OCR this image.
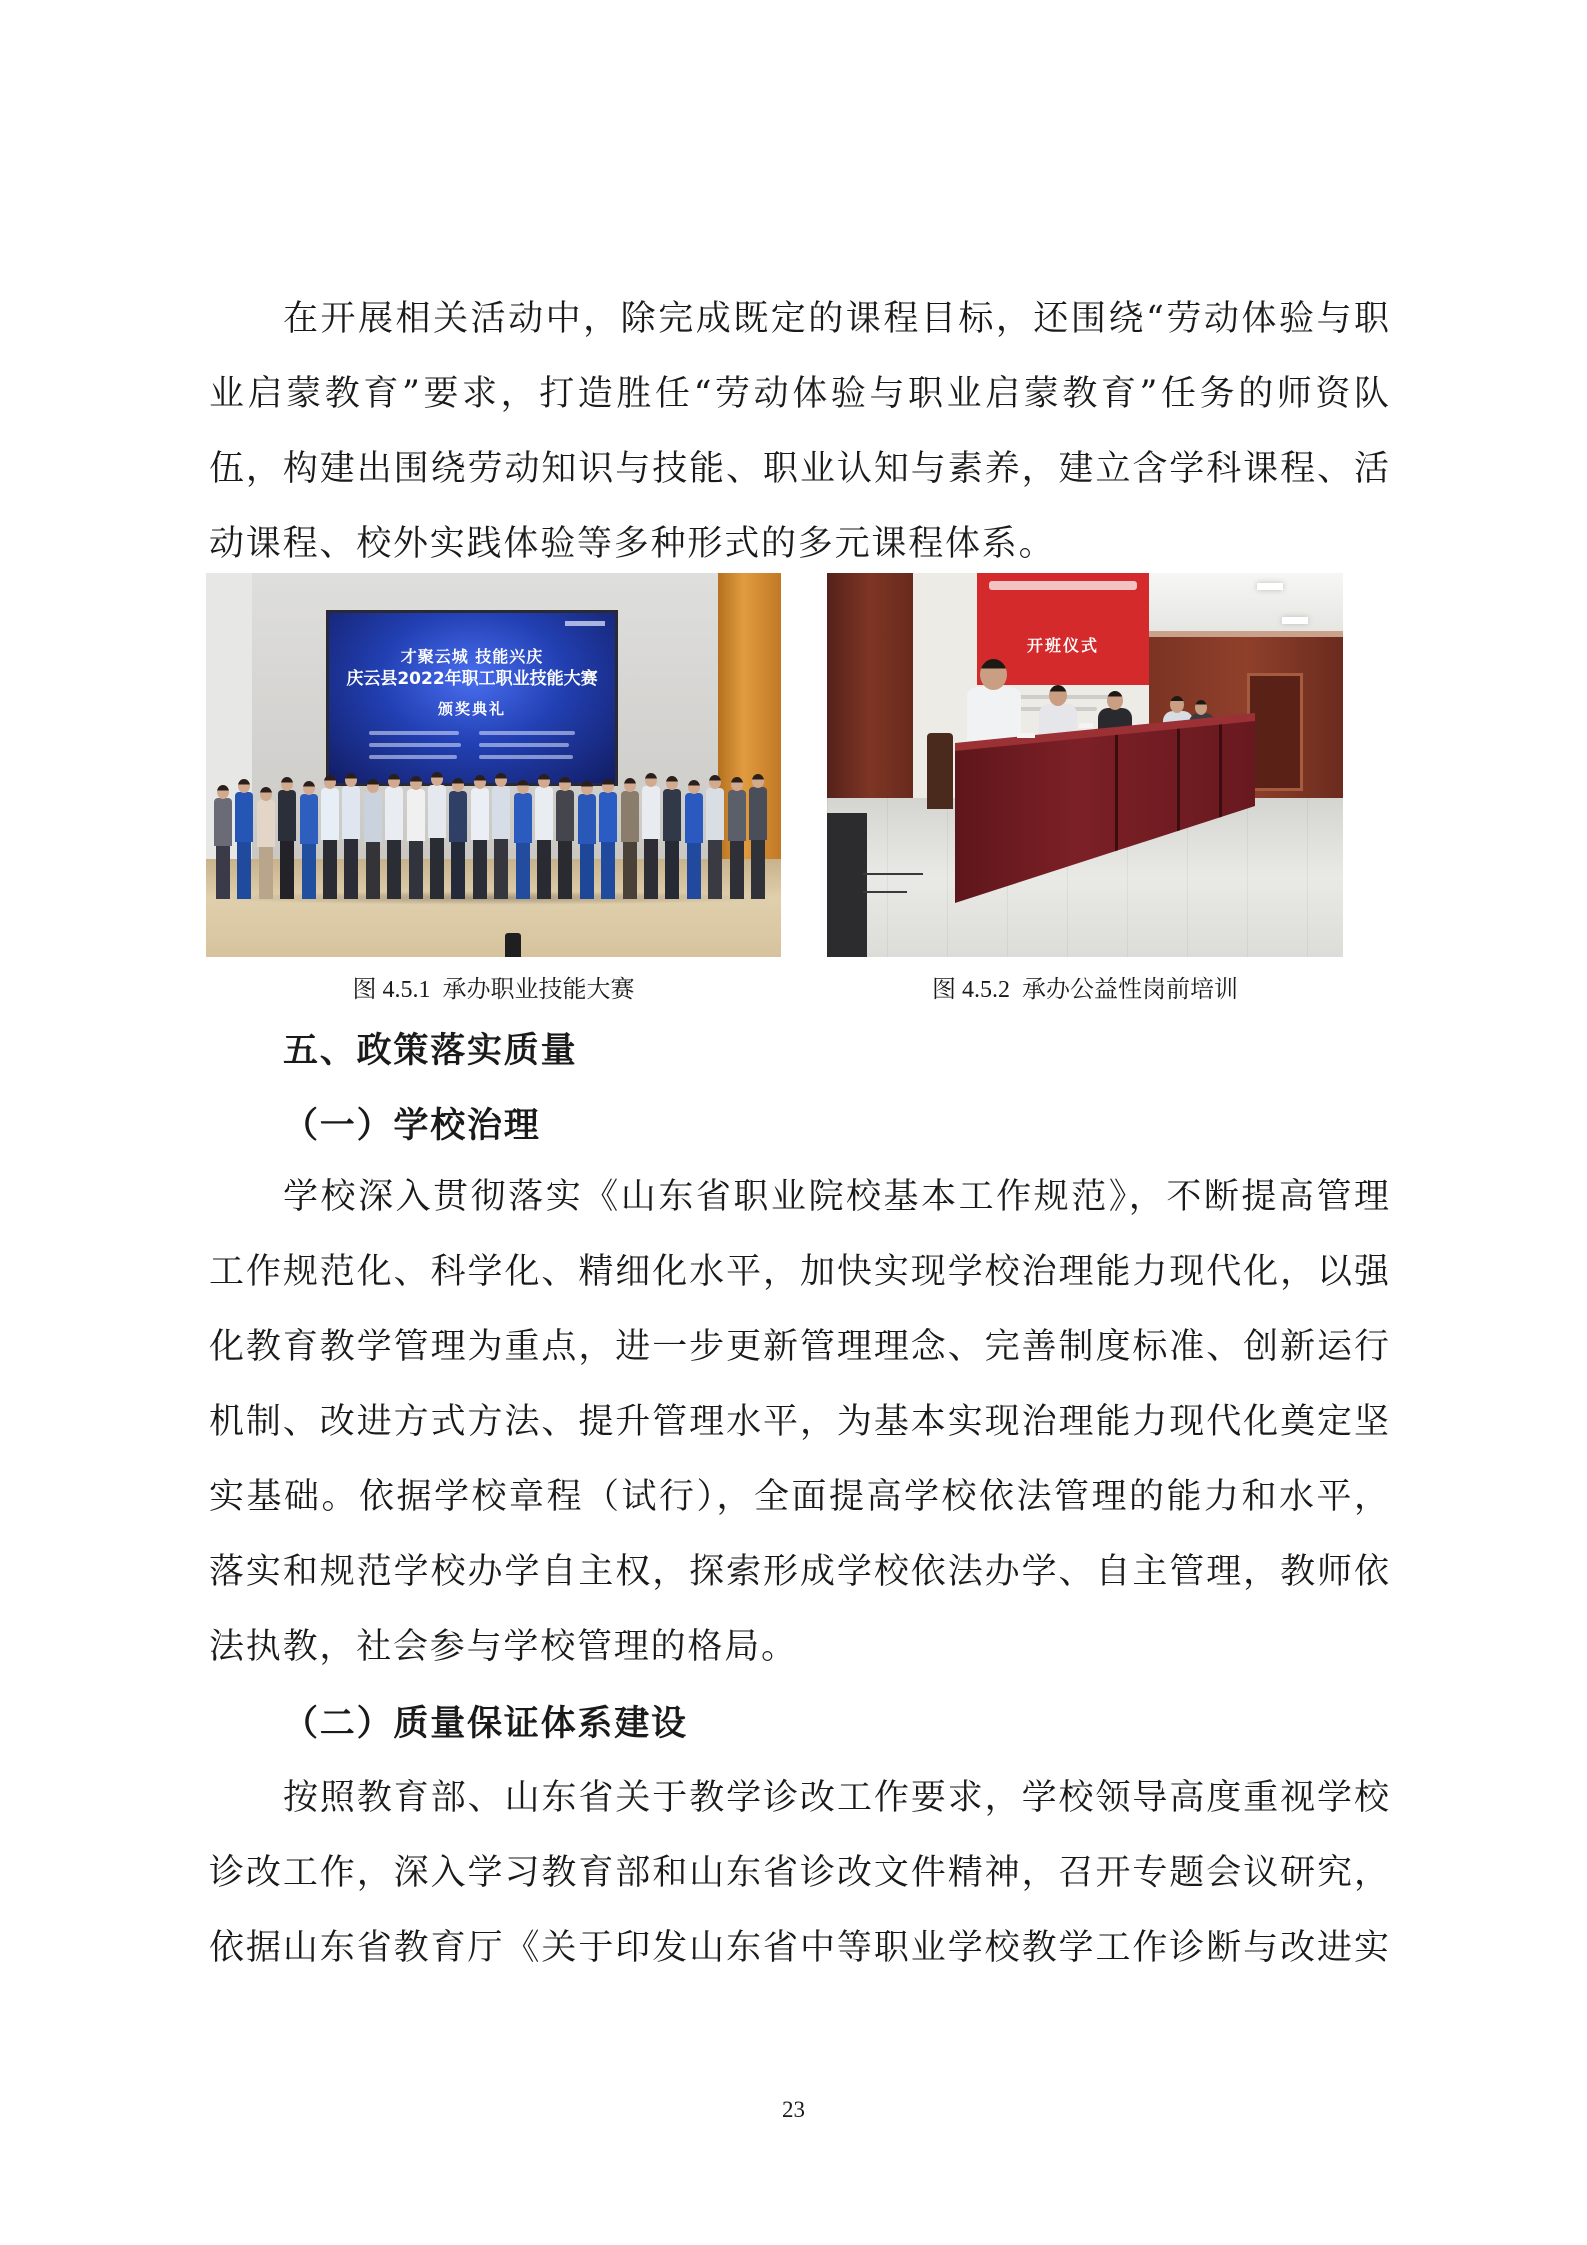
在开展相关活动中，除完成既定的课程目标，还围绕“劳动体验与职
业启蒙教育”要求，打造胜任“劳动体验与职业启蒙教育”任务的师资队
伍，构建出围绕劳动知识与技能、职业认知与素养，建立含学科课程、活
动课程、校外实践体验等多种形式的多元课程体系。
才聚云城 技能兴庆
庆云县2022年职工职业技能大赛
颁奖典礼
图 4.5.1  承办职业技能大赛
开班仪式
图 4.5.2  承办公益性岗前培训
五、政策落实质量
（一）学校治理
学校深入贯彻落实《山东省职业院校基本工作规范》，不断提高管理
工作规范化、科学化、精细化水平，加快实现学校治理能力现代化，以强
化教育教学管理为重点，进一步更新管理理念、完善制度标准、创新运行
机制、改进方式方法、提升管理水平，为基本实现治理能力现代化奠定坚
实基础。依据学校章程（试行），全面提高学校依法管理的能力和水平，
落实和规范学校办学自主权，探索形成学校依法办学、自主管理，教师依
法执教，社会参与学校管理的格局。
（二）质量保证体系建设
按照教育部、山东省关于教学诊改工作要求，学校领导高度重视学校
诊改工作，深入学习教育部和山东省诊改文件精神，召开专题会议研究，
依据山东省教育厅《关于印发山东省中等职业学校教学工作诊断与改进实
23
